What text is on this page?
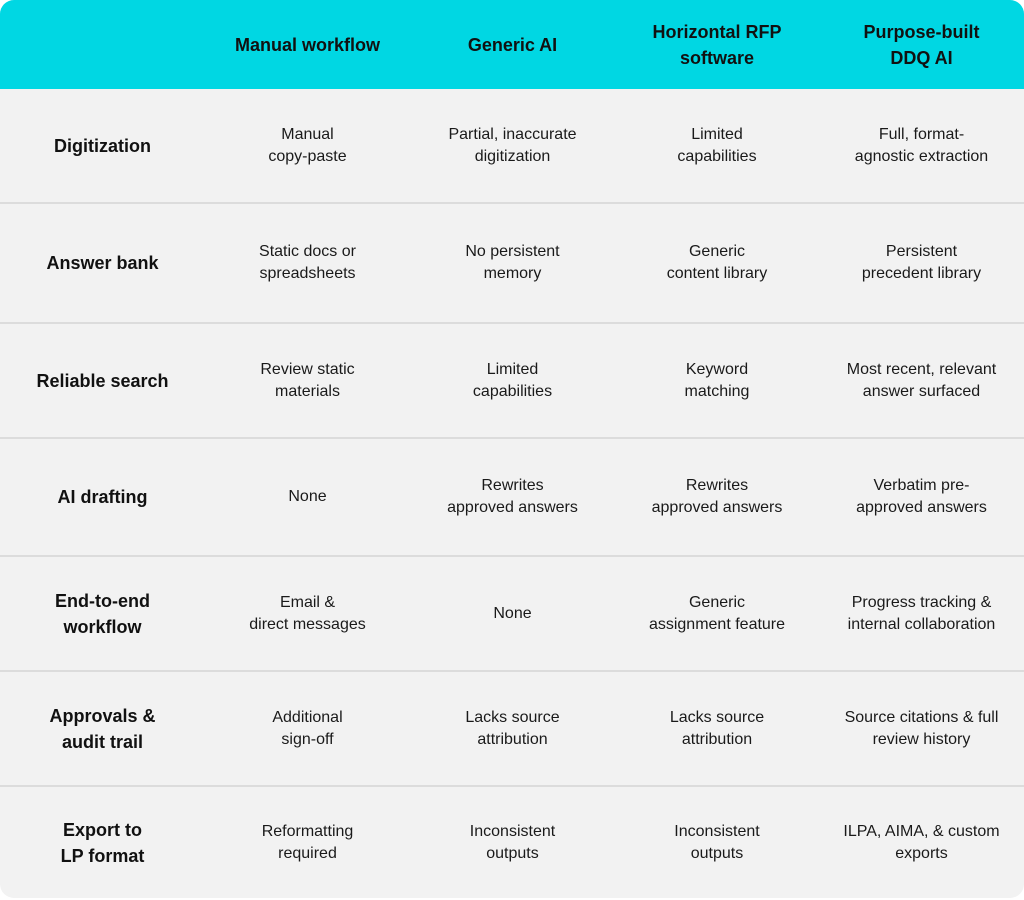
Manual workflow	Generic AI
Horizontal RFP
software
Purpose-built
DDQ AI
Digitization
Manual
copy-paste
Partial, inaccurate
digitization
Limited
capabilities
Full, format-
agnostic extraction
Answer bank
Static docs or
spreadsheets
No persistent
memory
Generic
content library
Persistent
precedent library
Reliable search
Review static
materials
Limited
capabilities
Keyword
matching
Most recent, relevant
answer surfaced
AI drafting	None
Rewrites
approved answers
Rewrites
approved answers
Verbatim pre-
approved answers
End-to-end
workflow
Email &
direct messages
None
Generic
assignment feature
Progress tracking &
internal collaboration
Approvals &
audit trail
Additional
sign-off
Lacks source
attribution
Lacks source
attribution
Source citations & full
review history
Export to
LP format
Reformatting
required
Inconsistent
outputs
Inconsistent
outputs
ILPA, AIMA, & custom
exports
